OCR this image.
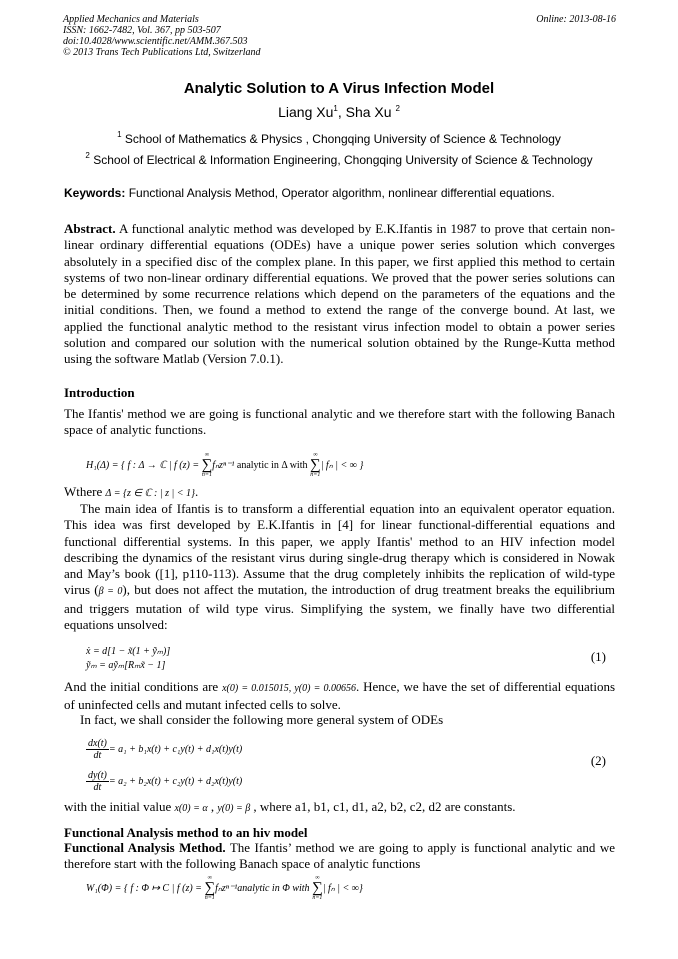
Applied Mechanics and Materials
ISSN: 1662-7482, Vol. 367, pp 503-507
doi:10.4028/www.scientific.net/AMM.367.503
© 2013 Trans Tech Publications Ltd, Switzerland
Online: 2013-08-16
Analytic Solution to A Virus Infection Model
Liang Xu$^1$, Sha Xu $^2$
$^1$ School of Mathematics & Physics , Chongqing University of Science & Technology
$^2$ School of Electrical & Information Engineering, Chongqing University of Science & Technology
Keywords: Functional Analysis Method, Operator algorithm, nonlinear differential equations.
Abstract. A functional analytic method was developed by E.K.Ifantis in 1987 to prove that certain non-linear ordinary differential equations (ODEs) have a unique power series solution which converges absolutely in a specified disc of the complex plane. In this paper, we first applied this method to certain systems of two non-linear ordinary differential equations. We proved that the power series solutions can be determined by some recurrence relations which depend on the parameters of the equations and the initial conditions. Then, we found a method to extend the range of the converge bound. At last, we applied the functional analytic method to the resistant virus infection model to obtain a power series solution and compared our solution with the numerical solution obtained by the Runge-Kutta method using the software Matlab (Version 7.0.1).
Introduction
The Ifantis' method we are going is functional analytic and we therefore start with the following Banach space of analytic functions.
H₁(Δ) = { f : Δ → ℂ | f (z) =
∞
∑
n=1
fₙzⁿ⁻¹ analytic in Δ with
∞
∑
n=1
| fₙ | < ∞ }
Wthere Δ = {z ∈ ℂ : | z | < 1}.
The main idea of Ifantis is to transform a differential equation into an equivalent operator equation. This idea was first developed by E.K.Ifantis in [4] for linear functional-differential equations and functional differential systems. In this paper, we apply Ifantis' method to an HIV infection model describing the dynamics of the resistant virus during single-drug therapy which is considered in Nowak and May’s book ([1], p110-113). Assume that the drug completely inhibits the replication of wild-type virus (β = 0), but does not affect the mutation, the introduction of drug treatment breaks the equilibrium and triggers mutation of wild type virus. Simplifying the system, we finally have two differential equations unsolved:
ẋ = d[1 − x̃(1 + ỹₘ)]
ỹₘ = aỹₘ[Rₘx̃ − 1]
(1)
And the initial conditions are x(0) = 0.015015, y(0) = 0.00656. Hence, we have the set of differential equations of uninfected cells and mutant infected cells to solve.
In fact, we shall consider the following more general system of ODEs
$\frac{dx(t)}{dt} = a_1 + b_1x(t) + c_1y(t) + d_1x(t)y(t)$
$\frac{dy(t)}{dt} = a_2 + b_2x(t) + c_2y(t) + d_2x(t)y(t)$
(2)
with the initial value x(0) = α , y(0) = β , where a1, b1, c1, d1, a2, b2, c2, d2 are constants.
Functional Analysis method to an hiv model
Functional Analysis Method. The Ifantis’ method we are going to apply is functional analytic and we therefore start with the following Banach space of analytic functions
W₁(Φ) = { f : Φ ↦ C | f (z) =
∞
∑
n=1
fₙzⁿ⁻¹analytic in Φ with
∞
∑
n=1
| fₙ | < ∞}
